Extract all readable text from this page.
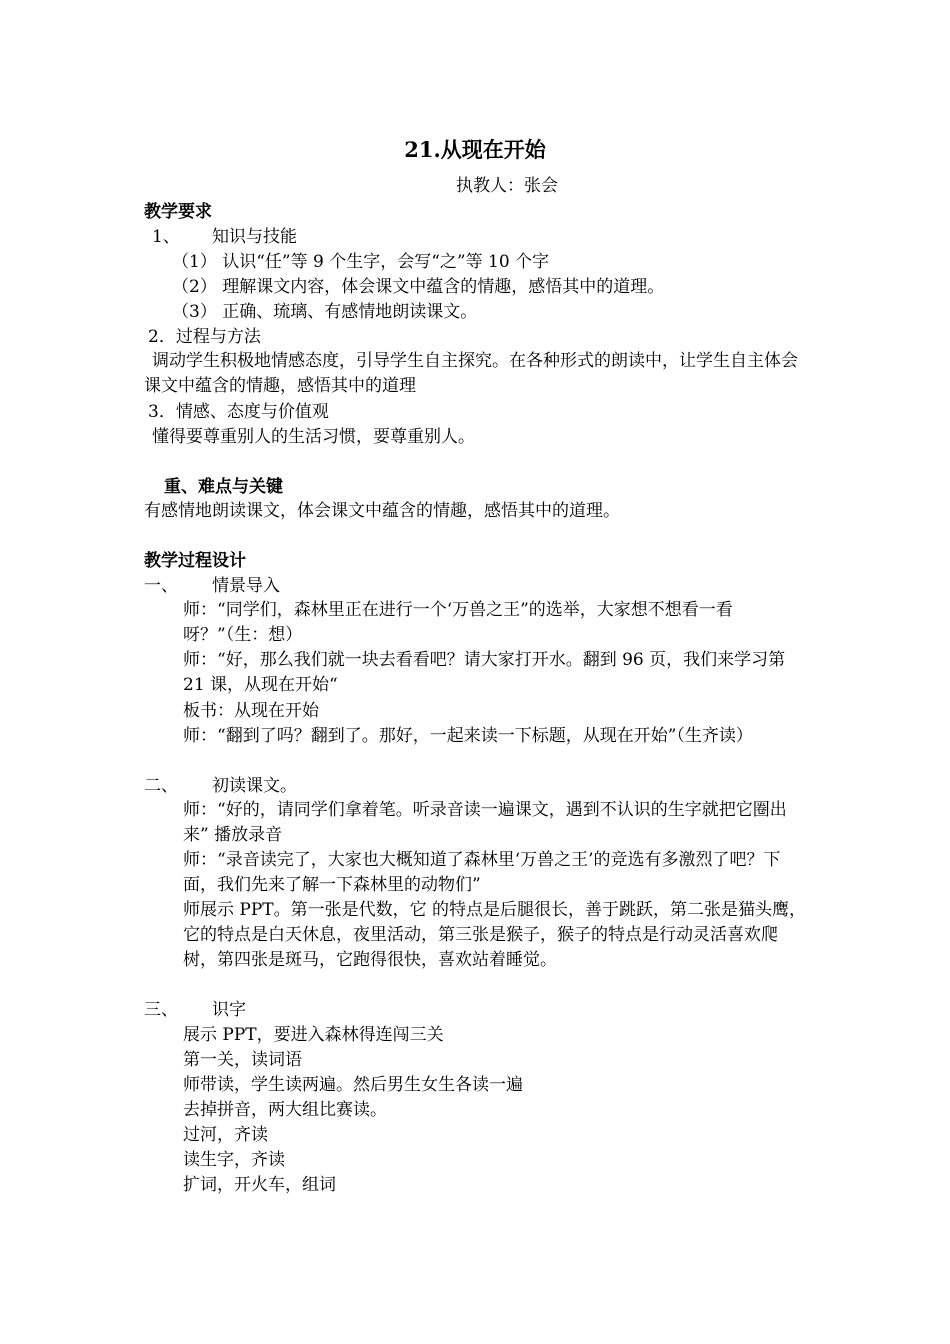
21.从现在开始
执教人：张会
教学要求
1、 知识与技能
（1） 认识“任”等 9 个生字，会写“之”等 10 个字
（2） 理解课文内容，体会课文中蕴含的情趣，感悟其中的道理。
（3） 正确、琉璃、有感情地朗读课文。
2．过程与方法
调动学生积极地情感态度，引导学生自主探究。在各种形式的朗读中，让学生自主体会课文中蕴含的情趣，感悟其中的道理
3．情感、态度与价值观
懂得要尊重别人的生活习惯，要尊重别人。
重、难点与关键
有感情地朗读课文，体会课文中蕴含的情趣，感悟其中的道理。
教学过程设计
一、 情景导入
师：“同学们，森林里正在进行一个‘万兽之王”的选举，大家想不想看一看呀？”（生：想）
师：“好，那么我们就一块去看看吧？请大家打开水。翻到 96 页，我们来学习第 21 课，从现在开始“
板书：从现在开始
师：“翻到了吗？翻到了。那好，一起来读一下标题，从现在开始”（生齐读）
二、 初读课文。
师：“好的，请同学们拿着笔。听录音读一遍课文，遇到不认识的生字就把它圈出来” 播放录音
师：“录音读完了，大家也大概知道了森林里‘万兽之王’的竞选有多激烈了吧？下面，我们先来了解一下森林里的动物们”
师展示 PPT。第一张是代数，它 的特点是后腿很长，善于跳跃，第二张是猫头鹰，它的特点是白天休息，夜里活动，第三张是猴子，猴子的特点是行动灵活喜欢爬树，第四张是斑马，它跑得很快，喜欢站着睡觉。
三、 识字
展示 PPT，要进入森林得连闯三关
第一关，读词语
师带读，学生读两遍。然后男生女生各读一遍
去掉拼音，两大组比赛读。
过河，齐读
读生字，齐读
扩词，开火车，组词
